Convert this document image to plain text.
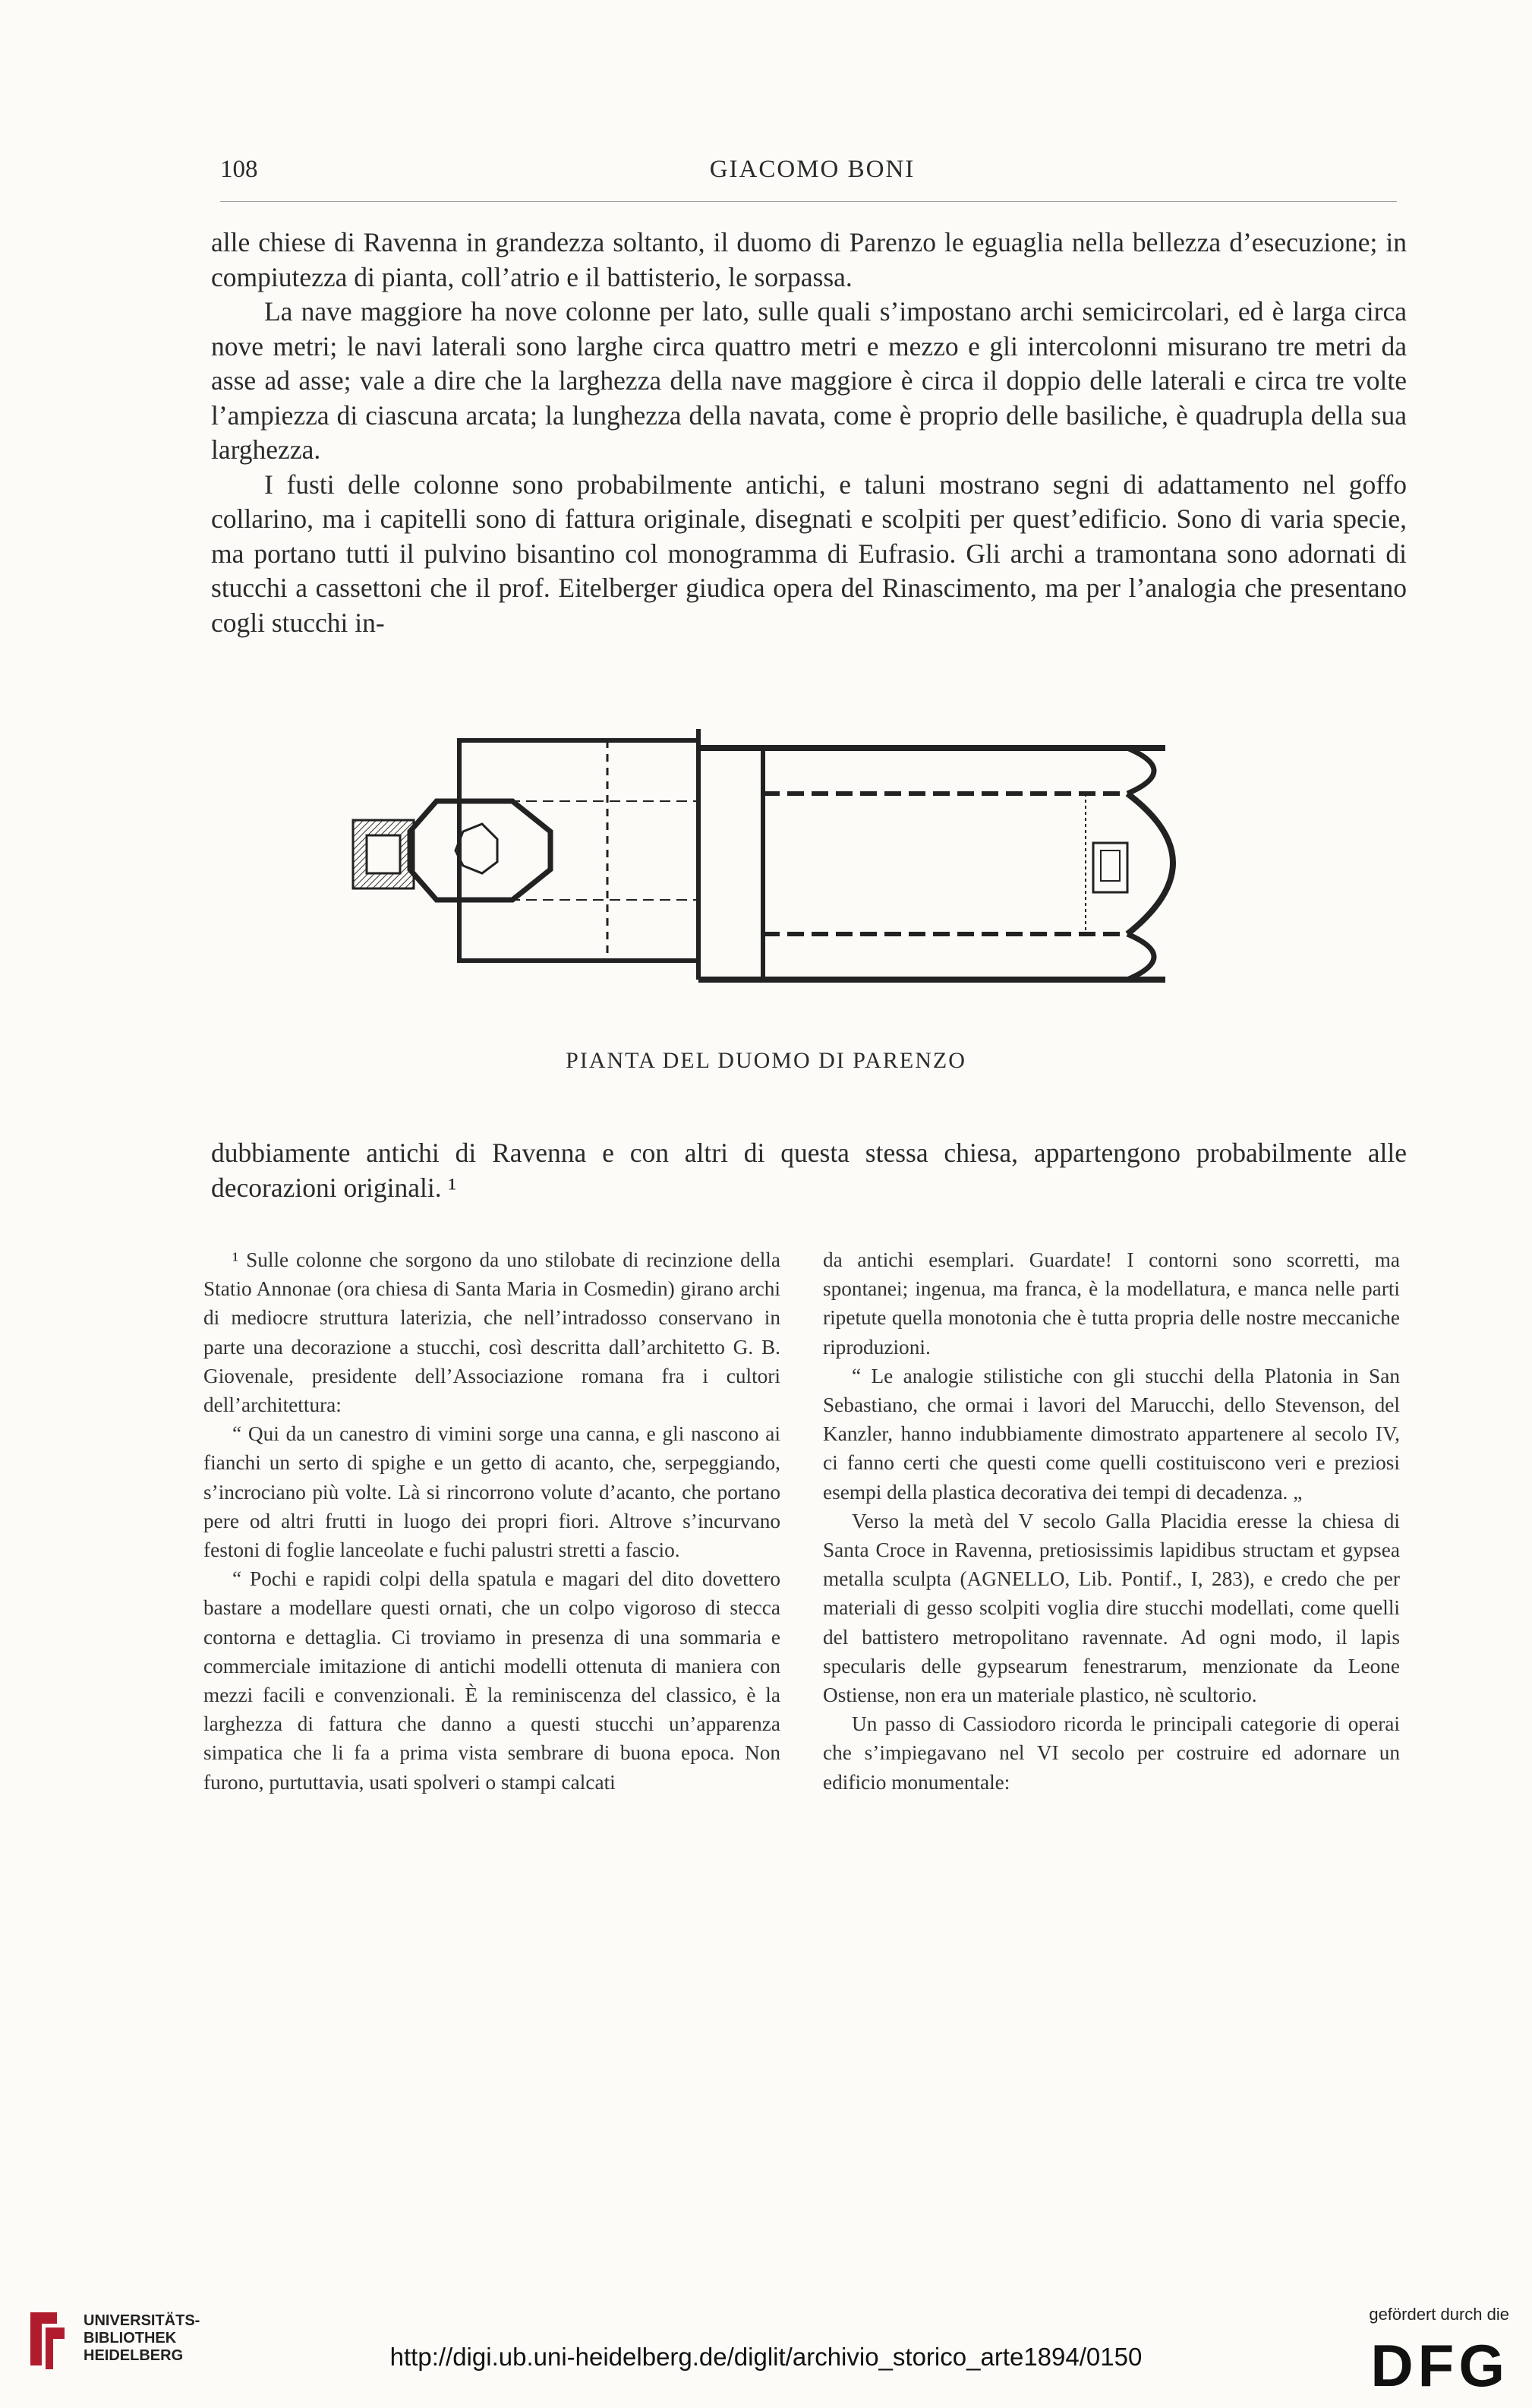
108	GIACOMO BONI

alle chiese di Ravenna in grandezza soltanto, il duomo di Parenzo le eguaglia nella bellezza d’esecuzione; in compiutezza di pianta, coll’atrio e il battisterio, le sorpassa.

La nave maggiore ha nove colonne per lato, sulle quali s’impostano archi semicircolari, ed è larga circa nove metri; le navi laterali sono larghe circa quattro metri e mezzo e gli intercolonni misurano tre metri da asse ad asse; vale a dire che la larghezza della nave maggiore è circa il doppio delle laterali e circa tre volte l’ampiezza di ciascuna arcata; la lunghezza della navata, come è proprio delle basiliche, è quadrupla della sua larghezza.

I fusti delle colonne sono probabilmente antichi, e taluni mostrano segni di adattamento nel goffo collarino, ma i capitelli sono di fattura originale, disegnati e scolpiti per quest’edificio. Sono di varia specie, ma portano tutti il pulvino bisantino col monogramma di Eufrasio. Gli archi a tramontana sono adornati di stucchi a cassettoni che il prof. Eitelberger giudica opera del Rinascimento, ma per l’analogia che presentano cogli stucchi in-

PIANTA DEL DUOMO DI PARENZO

dubbiamente antichi di Ravenna e con altri di questa stessa chiesa, appartengono probabilmente alle decorazioni originali. ¹

¹ Sulle colonne che sorgono da uno stilobate di recinzione della Statio Annonae (ora chiesa di Santa Maria in Cosmedin) girano archi di mediocre struttura laterizia, che nell’intradosso conservano in parte una decorazione a stucchi, così descritta dall’architetto G. B. Giovenale, presidente dell’Associazione romana fra i cultori dell’architettura:

“ Qui da un canestro di vimini sorge una canna, e gli nascono ai fianchi un serto di spighe e un getto di acanto, che, serpeggiando, s’incrociano più volte. Là si rincorrono volute d’acanto, che portano pere od altri frutti in luogo dei propri fiori. Altrove s’incurvano festoni di foglie lanceolate e fuchi palustri stretti a fascio.

“ Pochi e rapidi colpi della spatula e magari del dito dovettero bastare a modellare questi ornati, che un colpo vigoroso di stecca contorna e dettaglia. Ci troviamo in presenza di una sommaria e commerciale imitazione di antichi modelli ottenuta di maniera con mezzi facili e convenzionali. È la reminiscenza del classico, è la larghezza di fattura che danno a questi stucchi un’apparenza simpatica che li fa a prima vista sembrare di buona epoca. Non furono, purtuttavia, usati spolveri o stampi calcati

da antichi esemplari. Guardate! I contorni sono scorretti, ma spontanei; ingenua, ma franca, è la modellatura, e manca nelle parti ripetute quella monotonia che è tutta propria delle nostre meccaniche riproduzioni.

“ Le analogie stilistiche con gli stucchi della Platonia in San Sebastiano, che ormai i lavori del Marucchi, dello Stevenson, del Kanzler, hanno indubbiamente dimostrato appartenere al secolo IV, ci fanno certi che questi come quelli costituiscono veri e preziosi esempi della plastica decorativa dei tempi di decadenza. „

Verso la metà del V secolo Galla Placidia eresse la chiesa di Santa Croce in Ravenna, pretiosissimis lapidibus structam et gypsea metalla sculpta (AGNELLO, Lib. Pontif., I, 283), e credo che per materiali di gesso scolpiti voglia dire stucchi modellati, come quelli del battistero metropolitano ravennate. Ad ogni modo, il lapis specularis delle gypsearum fenestrarum, menzionate da Leone Ostiense, non era un materiale plastico, nè scultorio.

Un passo di Cassiodoro ricorda le principali categorie di operai che s’impiegavano nel VI secolo per costruire ed adornare un edificio monumentale:

UNIVERSITÄTS-
BIBLIOTHEK
HEIDELBERG	http://digi.ub.uni-heidelberg.de/diglit/archivio_storico_arte1894/0150
gefördert durch die
DFG
